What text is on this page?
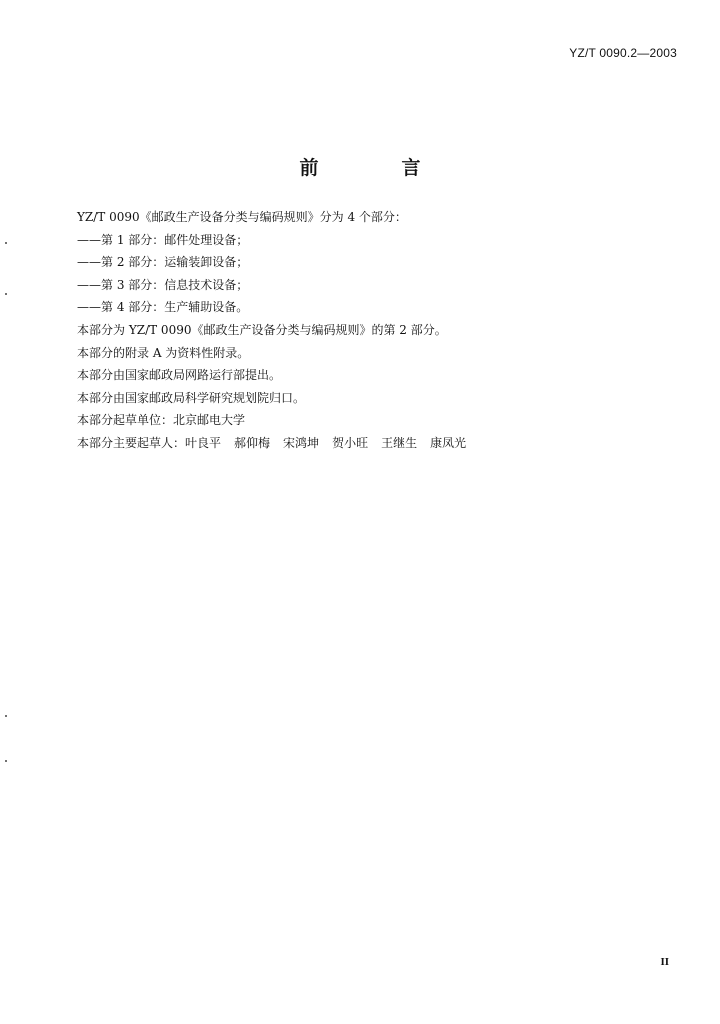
YZ/T 0090.2—2003
前　言
YZ/T 0090《邮政生产设备分类与编码规则》分为 4 个部分：
——第 1 部分：邮件处理设备；
——第 2 部分：运输装卸设备；
——第 3 部分：信息技术设备；
——第 4 部分：生产辅助设备。
本部分为 YZ/T 0090《邮政生产设备分类与编码规则》的第 2 部分。
本部分的附录 A 为资料性附录。
本部分由国家邮政局网路运行部提出。
本部分由国家邮政局科学研究规划院归口。
本部分起草单位：北京邮电大学
本部分主要起草人：叶良平 郝仰梅 宋鸿坤 贺小旺 王继生 康凤光
II
